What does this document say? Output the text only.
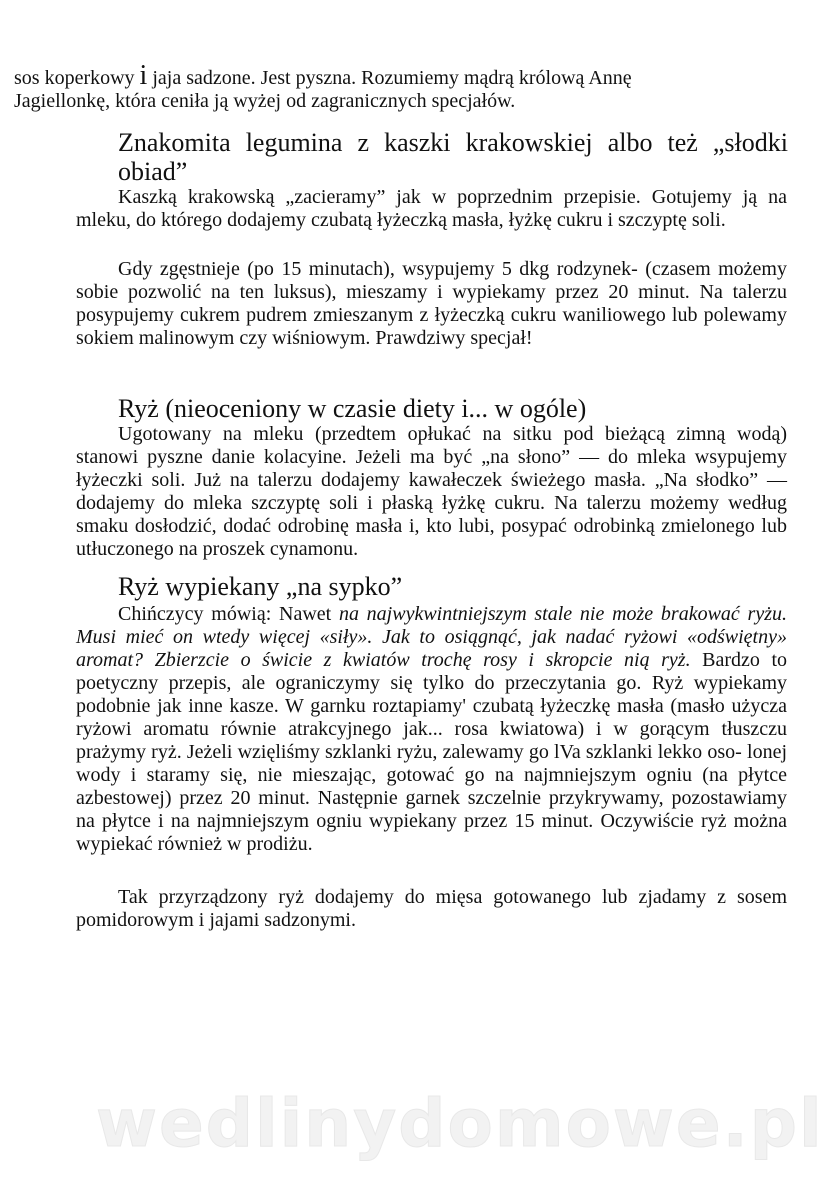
sos koperkowy i jaja sadzone. Jest pyszna. Rozumiemy mądrą królową Annę
Jagiellonkę, która ceniła ją wyżej od zagranicznych specjałów.

Znakomita legumina z kaszki krakowskiej albo też „słodki obiad”

Kaszką krakowską „zacieramy” jak w poprzednim przepisie. Gotujemy ją na mleku, do którego dodajemy czubatą łyżeczką masła, łyżkę cukru i szczyptę soli.

Gdy zgęstnieje (po 15 minutach), wsypujemy 5 dkg rodzynek- (czasem możemy sobie pozwolić na ten luksus), mieszamy i wypiekamy przez 20 minut. Na talerzu posypujemy cukrem pudrem zmieszanym z łyżeczką cukru waniliowego lub polewamy sokiem malinowym czy wiśniowym. Prawdziwy specjał!

Ryż (nieoceniony w czasie diety i... w ogóle)

Ugotowany na mleku (przedtem opłukać na sitku pod bieżącą zimną wodą) stanowi pyszne danie kolacyine. Jeżeli ma być „na słono” — do mleka wsypujemy łyżeczki soli. Już na talerzu dodajemy kawałeczek świeżego masła. „Na słodko” — dodajemy do mleka szczyptę soli i płaską łyżkę cukru. Na talerzu możemy według smaku dosłodzić, dodać odrobinę masła i, kto lubi, posypać odrobinką zmielonego lub utłuczonego na proszek cynamonu.

Ryż wypiekany „na sypko”

Chińczycy mówią: Nawet na najwykwintniejszym stale nie może brakować ryżu. Musi mieć on wtedy więcej «siły». Jak to osiągnąć, jak nadać ryżowi «odświętny» aromat? Zbierzcie o świcie z kwiatów trochę rosy i skropcie nią ryż. Bardzo to poetyczny przepis, ale ograniczymy się tylko do przeczytania go. Ryż wypiekamy podobnie jak inne kasze. W garnku roztapiamy' czubatą łyżeczkę masła (masło użycza ryżowi aromatu równie atrakcyjnego jak... rosa kwiatowa) i w gorącym tłuszczu prażymy ryż. Jeżeli wzięliśmy szklanki ryżu, zalewamy go lVa szklanki lekko oso- lonej wody i staramy się, nie mieszając, gotować go na najmniejszym ogniu (na płytce azbestowej) przez 20 minut. Następnie garnek szczelnie przykrywamy, pozostawiamy na płytce i na najmniejszym ogniu wypiekany przez 15 minut. Oczywiście ryż można wypiekać również w prodiżu.

Tak przyrządzony ryż dodajemy do mięsa gotowanego lub zjadamy z sosem pomidorowym i jajami sadzonymi.

wedlinydomowe.pl
